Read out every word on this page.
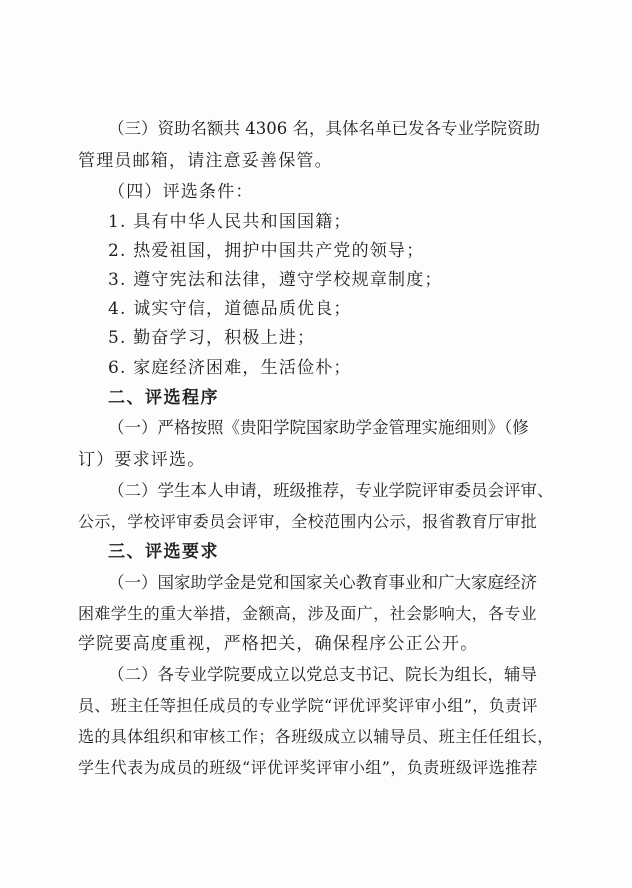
（三）资助名额共 4306 名，具体名单已发各专业学院资助
管理员邮箱，请注意妥善保管。
（四）评选条件：
1. 具有中华人民共和国国籍；
2. 热爱祖国，拥护中国共产党的领导；
3. 遵守宪法和法律，遵守学校规章制度；
4. 诚实守信，道德品质优良；
5. 勤奋学习，积极上进；
6. 家庭经济困难，生活俭朴；
二、评选程序
（一）严格按照《贵阳学院国家助学金管理实施细则》（修
订）要求评选。
（二）学生本人申请，班级推荐，专业学院评审委员会评审、
公示，学校评审委员会评审，全校范围内公示，报省教育厅审批
三、评选要求
（一）国家助学金是党和国家关心教育事业和广大家庭经济
困难学生的重大举措，金额高，涉及面广，社会影响大，各专业
学院要高度重视，严格把关，确保程序公正公开。
（二）各专业学院要成立以党总支书记、院长为组长，辅导
员、班主任等担任成员的专业学院“评优评奖评审小组”，负责评
选的具体组织和审核工作；各班级成立以辅导员、班主任任组长，
学生代表为成员的班级“评优评奖评审小组”，负责班级评选推荐
